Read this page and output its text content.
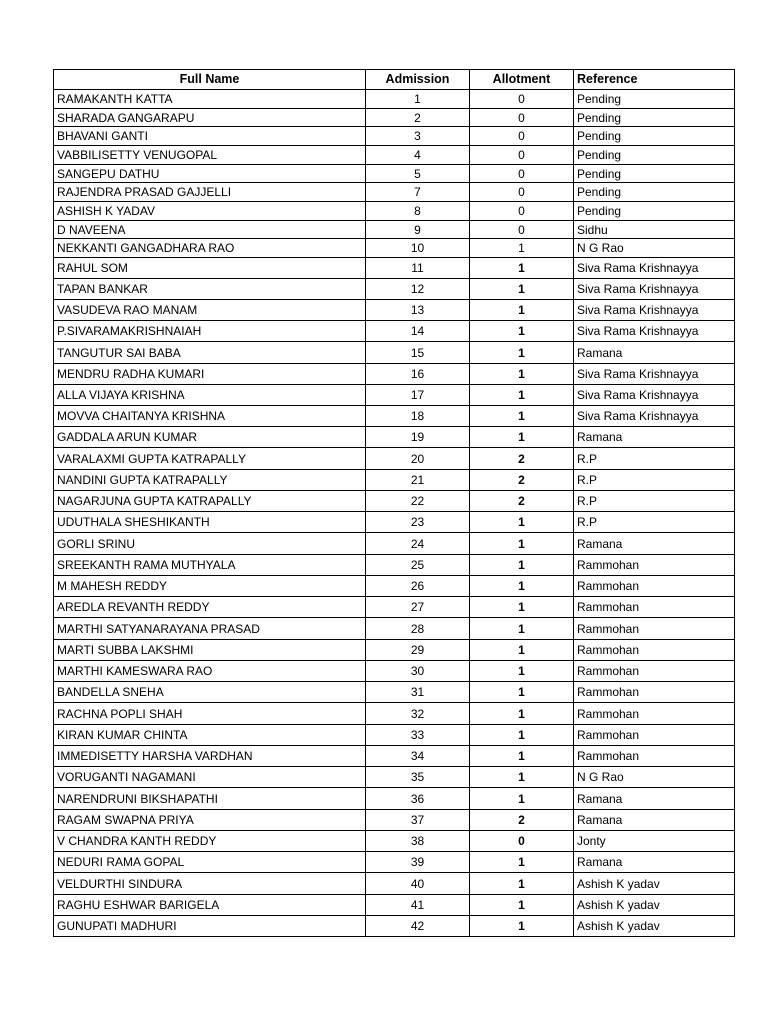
Full Name	Admission	Allotment	Reference
RAMAKANTH KATTA	1	0	Pending
SHARADA GANGARAPU	2	0	Pending
BHAVANI GANTI	3	0	Pending
VABBILISETTY VENUGOPAL	4	0	Pending
SANGEPU DATHU	5	0	Pending
RAJENDRA PRASAD GAJJELLI	7	0	Pending
ASHISH K YADAV	8	0	Pending
D NAVEENA	9	0	Sidhu
NEKKANTI GANGADHARA RAO	10	1	N G Rao
RAHUL SOM	11	1	Siva Rama Krishnayya
TAPAN BANKAR	12	1	Siva Rama Krishnayya
VASUDEVA RAO MANAM	13	1	Siva Rama Krishnayya
P.SIVARAMAKRISHNAIAH	14	1	Siva Rama Krishnayya
TANGUTUR SAI BABA	15	1	Ramana
MENDRU RADHA KUMARI	16	1	Siva Rama Krishnayya
ALLA VIJAYA KRISHNA	17	1	Siva Rama Krishnayya
MOVVA CHAITANYA KRISHNA	18	1	Siva Rama Krishnayya
GADDALA ARUN KUMAR	19	1	Ramana
VARALAXMI GUPTA KATRAPALLY	20	2	R.P
NANDINI GUPTA KATRAPALLY	21	2	R.P
NAGARJUNA GUPTA KATRAPALLY	22	2	R.P
UDUTHALA SHESHIKANTH	23	1	R.P
GORLI SRINU	24	1	Ramana
SREEKANTH RAMA MUTHYALA	25	1	Rammohan
M MAHESH REDDY	26	1	Rammohan
AREDLA REVANTH REDDY	27	1	Rammohan
MARTHI SATYANARAYANA PRASAD	28	1	Rammohan
MARTI SUBBA LAKSHMI	29	1	Rammohan
MARTHI KAMESWARA RAO	30	1	Rammohan
BANDELLA SNEHA	31	1	Rammohan
RACHNA POPLI SHAH	32	1	Rammohan
KIRAN KUMAR CHINTA	33	1	Rammohan
IMMEDISETTY HARSHA VARDHAN	34	1	Rammohan
VORUGANTI NAGAMANI	35	1	N G Rao
NARENDRUNI BIKSHAPATHI	36	1	Ramana
RAGAM SWAPNA PRIYA	37	2	Ramana
V CHANDRA KANTH REDDY	38	0	Jonty
NEDURI RAMA GOPAL	39	1	Ramana
VELDURTHI SINDURA	40	1	Ashish K yadav
RAGHU ESHWAR BARIGELA	41	1	Ashish K yadav
GUNUPATI MADHURI	42	1	Ashish K yadav
